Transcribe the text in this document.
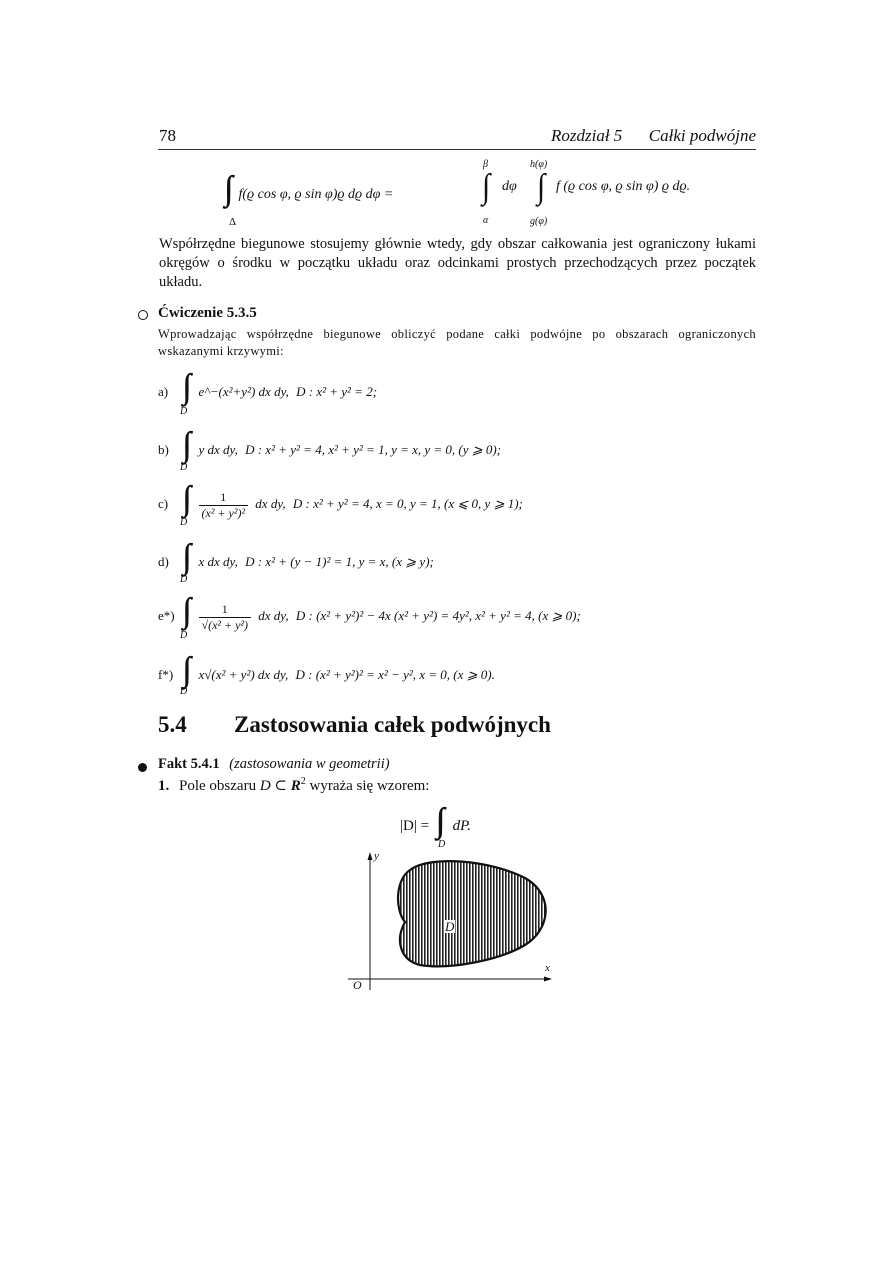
78	Rozdział 5 Całki podwójne
f(ϱ cos φ, ϱ sin φ)ϱ dϱ dφ =
Δ
∫
β
α
dφ ∫
h(φ)
g(φ)
f (ϱ cos φ, ϱ sin φ) ϱ dϱ.
Współrzędne biegunowe stosujemy głównie wtedy, gdy obszar całkowania jest ograniczony łukami okręgów o środku w początku układu oraz odcinkami prostych przechodzących przez początek układu.
Ćwiczenie 5.3.5
Wprowadzając współrzędne biegunowe obliczyć podane całki podwójne po obszarach ograniczonych wskazanymi krzywymi:
a) e^−(x²+y²) dx dy, D : x² + y² = 2;
D
b) y dx dy, D : x² + y² = 4, x² + y² = 1, y = x, y = 0, (y ⩾ 0);
D
c)	$\frac{1}{\text{(x² + y²)²}}$ dx dy, D : x² + y² = 4, x = 0, y = 1, (x ⩽ 0, y ⩾ 1);
D
d) x dx dy, D : x² + (y − 1)² = 1, y = x, (x ⩾ y);
D
$e*) \frac{1}{\text{√(x² + y²)}}$ dx dy, D : (x² + y²)² − 4x (x² + y²) = 4y², x² + y² = 4, (x ⩾ 0);
D
f*) x√(x² + y²) dx dy, D : (x² + y²)² = x² − y², x = 0, (x ⩾ 0).
D
5.4 Zastosowania całek podwójnych
Fakt 5.4.1 (zastosowania w geometrii)
1. Pole obszaru D ⊂ $R^2$ wyraża się wzorem:
|D| = dP.
D
y
x
O
D
